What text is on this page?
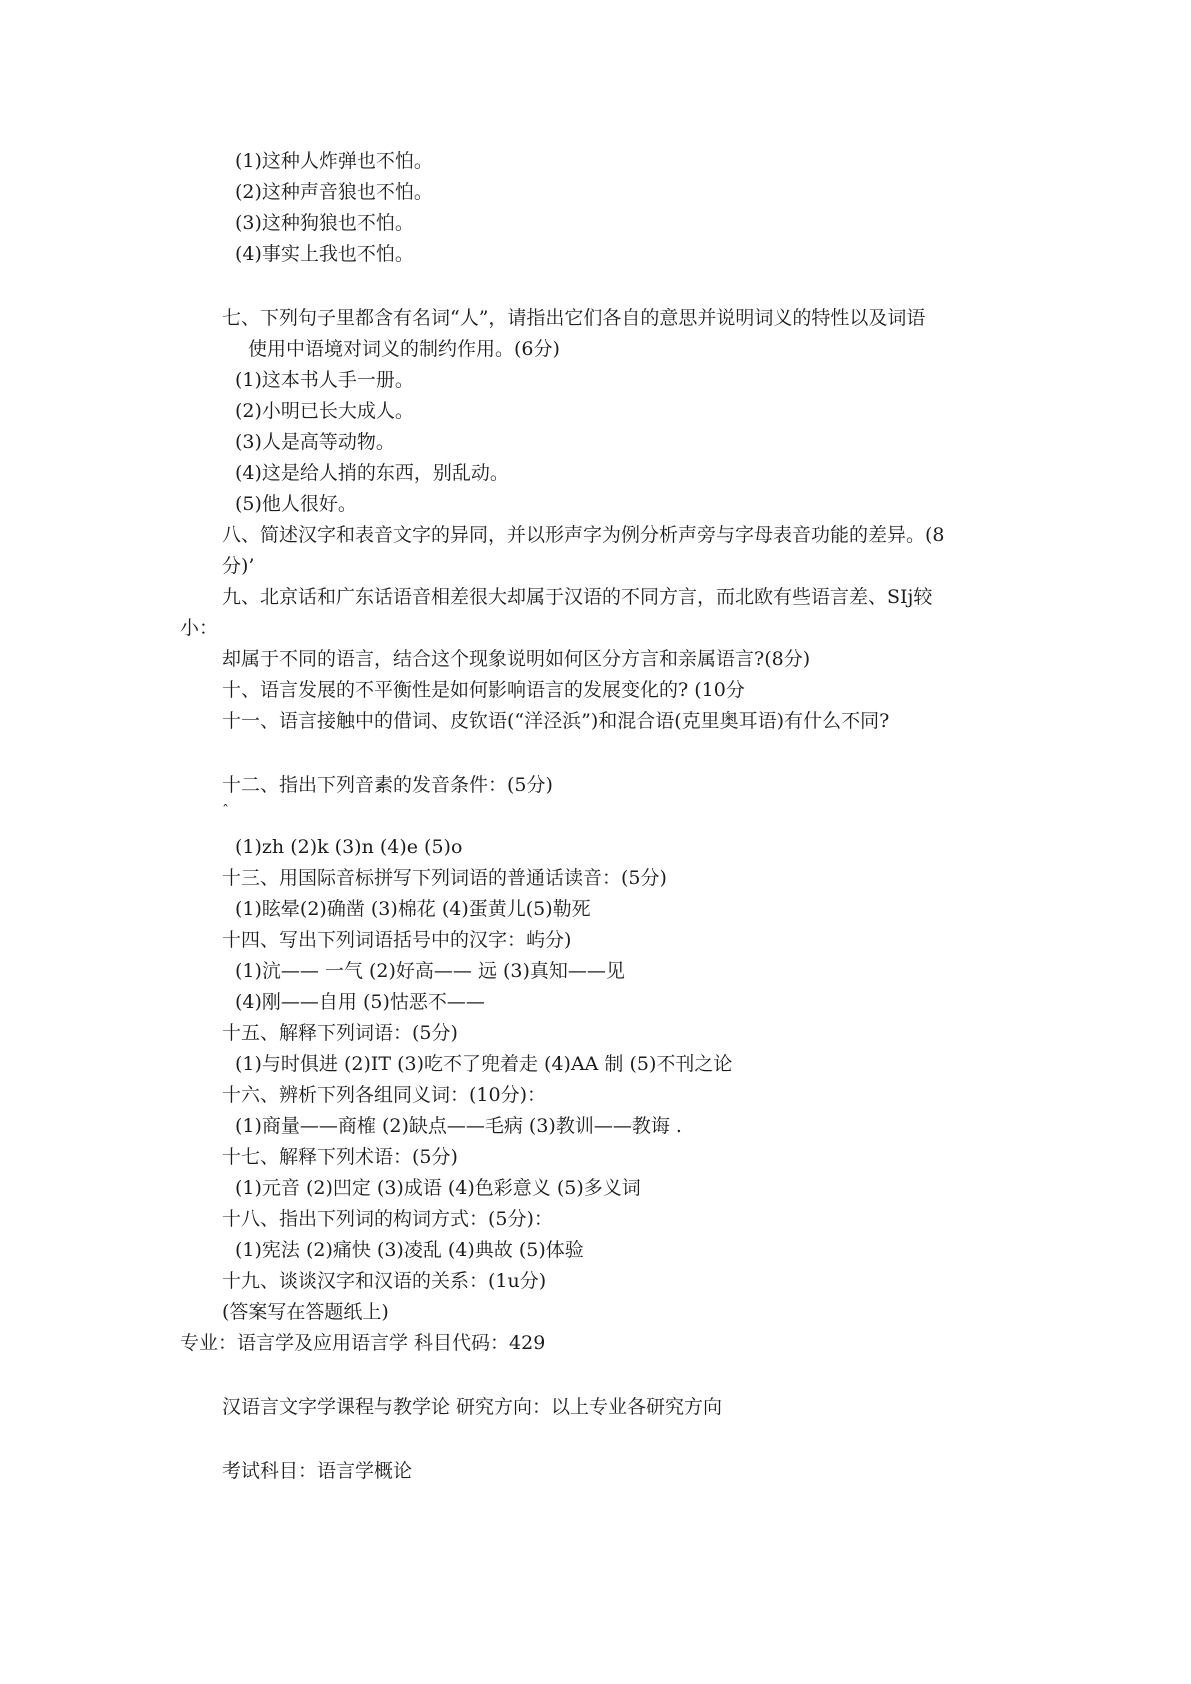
(1)这种人炸弹也不怕。
(2)这种声音狼也不怕。
(3)这种狗狼也不怕。
(4)事实上我也不怕。
七、下列句子里都含有名词“人”，请指出它们各自的意思并说明词义的特性以及词语
使用中语境对词义的制约作用。(6分)
(1)这本书人手一册。
(2)小明已长大成人。
(3)人是高等动物。
(4)这是给人捎的东西，别乱动。
(5)他人很好。
八、简述汉字和表音文字的异同，并以形声字为例分析声旁与字母表音功能的差异。(8
分)’
九、北京话和广东话语音相差很大却属于汉语的不同方言，而北欧有些语言差、SIj较
小：
却属于不同的语言，结合这个现象说明如何区分方言和亲属语言?(8分)
十、语言发展的不平衡性是如何影响语言的发展变化的? (10分
十一、语言接触中的借词、皮钦语(“洋泾浜”)和混合语(克里奥耳语)有什么不同?
十二、指出下列音素的发音条件：(5分)
ˆ
(1)zh (2)k (3)n (4)e (5)o
十三、用国际音标拼写下列词语的普通话读音：(5分)
(1)眩晕(2)确凿 (3)棉花 (4)蛋黄儿(5)勒死
十四、写出下列词语括号中的汉字：屿分)
(1)沆—— 一气 (2)好高—— 远 (3)真知——见
(4)刚——自用 (5)怙恶不——
十五、解释下列词语：(5分)
(1)与时俱进 (2)IT (3)吃不了兜着走 (4)AA 制 (5)不刊之论
十六、辨析下列各组同义词：(10分)：
(1)商量——商榷 (2)缺点——毛病 (3)教训——教诲 .
十七、解释下列术语：(5分)
(1)元音 (2)凹定 (3)成语 (4)色彩意义 (5)多义词
十八、指出下列词的构词方式：(5分)：
(1)宪法 (2)痛快 (3)凌乱 (4)典故 (5)体验
十九、谈谈汉字和汉语的关系：(1u分)
(答案写在答题纸上)
专业：语言学及应用语言学 科目代码：429
汉语言文字学课程与教学论 研究方向：以上专业各研究方向
考试科目：语言学概论
